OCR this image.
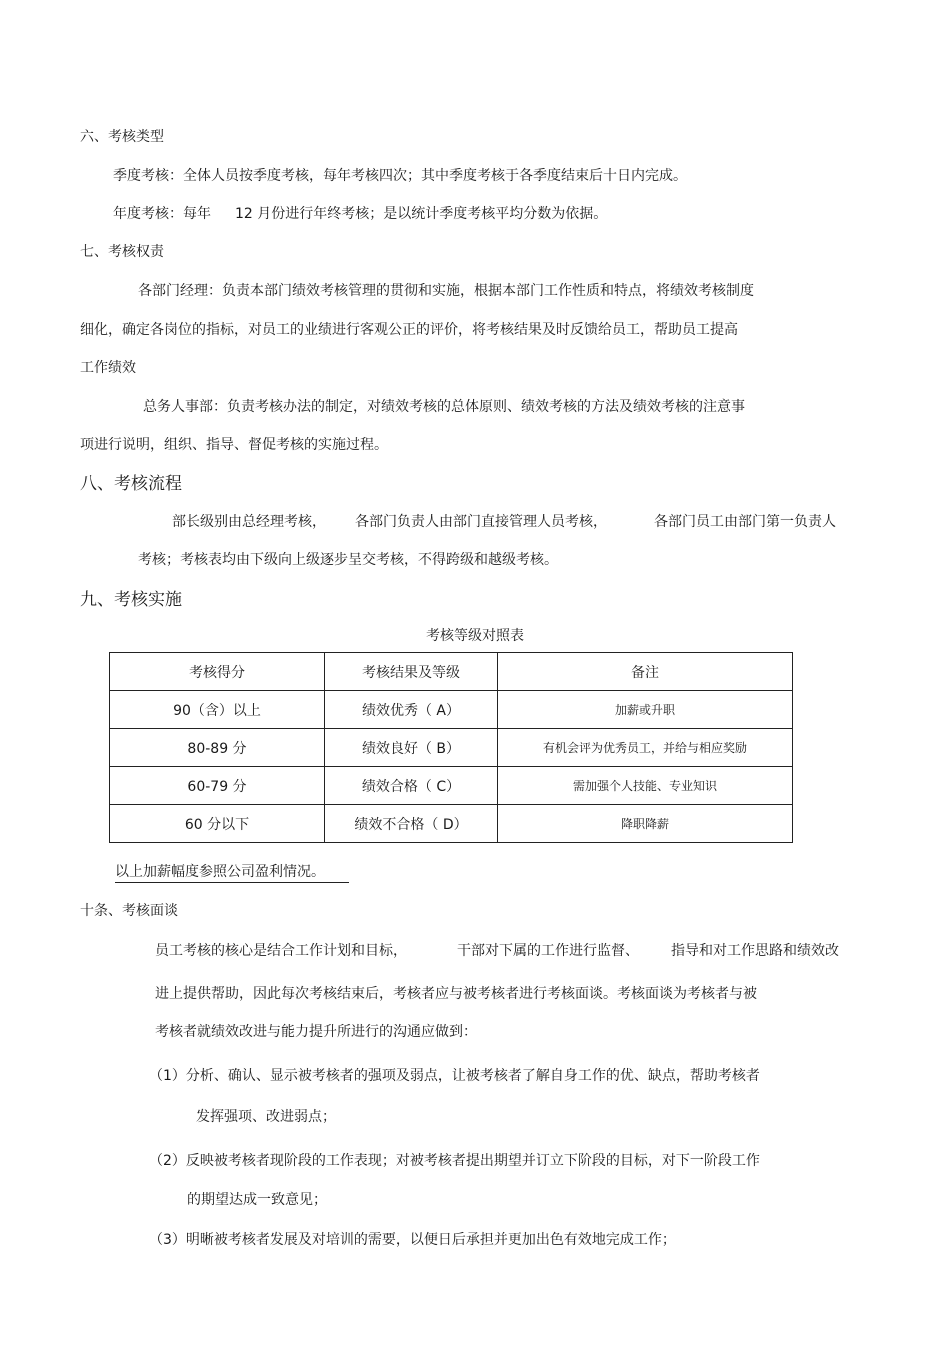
六、考核类型
季度考核：全体人员按季度考核，每年考核四次；其中季度考核于各季度结束后十日内完成。
年度考核：每年 12 月份进行年终考核；是以统计季度考核平均分数为依据。
七、考核权责
各部门经理：负责本部门绩效考核管理的贯彻和实施，根据本部门工作性质和特点，将绩效考核制度
细化，确定各岗位的指标，对员工的业绩进行客观公正的评价，将考核结果及时反馈给员工，帮助员工提高
工作绩效
总务人事部：负责考核办法的制定，对绩效考核的总体原则、绩效考核的方法及绩效考核的注意事
项进行说明，组织、指导、督促考核的实施过程。
八、考核流程
部长级别由总经理考核， 各部门负责人由部门直接管理人员考核，	各部门员工由部门第一负责人
考核；考核表均由下级向上级逐步呈交考核，不得跨级和越级考核。
九、考核实施
考核等级对照表
考核得分	考核结果及等级	备注
90（含）以上	绩效优秀（ A）	加薪或升职
80-89 分	绩效良好（ B）	有机会评为优秀员工，并给与相应奖励
60-79 分	绩效合格（ C）	需加强个人技能、专业知识
60 分以下	绩效不合格（ D）	降职降薪
以上加薪幅度参照公司盈利情况。
十条、考核面谈
员工考核的核心是结合工作计划和目标，	干部对下属的工作进行监督、 指导和对工作思路和绩效改
进上提供帮助，因此每次考核结束后，考核者应与被考核者进行考核面谈。考核面谈为考核者与被
考核者就绩效改进与能力提升所进行的沟通应做到：
（1）分析、确认、显示被考核者的强项及弱点，让被考核者了解自身工作的优、缺点，帮助考核者
发挥强项、改进弱点；
（2）反映被考核者现阶段的工作表现；对被考核者提出期望并订立下阶段的目标，对下一阶段工作
的期望达成一致意见；
（3）明晰被考核者发展及对培训的需要，以便日后承担并更加出色有效地完成工作；
